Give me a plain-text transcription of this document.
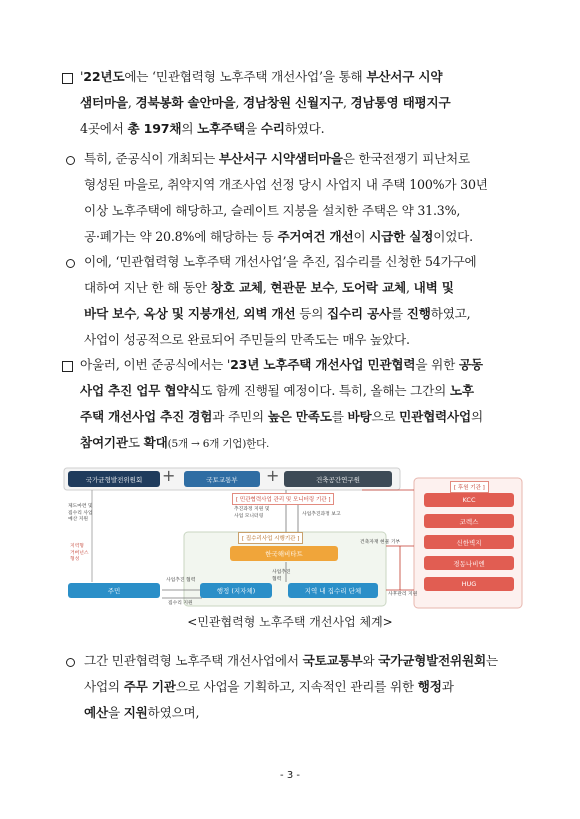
'22년도에는 ‘민관협력형 노후주택 개선사업’을 통해 부산서구 시약
샘터마을, 경북봉화 솔안마을, 경남창원 신월지구, 경남통영 태평지구
4곳에서 총 197채의 노후주택을 수리하였다.
특히, 준공식이 개최되는 부산서구 시약샘터마을은 한국전쟁기 피난처로
형성된 마을로, 취약지역 개조사업 선정 당시 사업지 내 주택 100%가 30년
이상 노후주택에 해당하고, 슬레이트 지붕을 설치한 주택은 약 31.3%,
공·폐가는 약 20.8%에 해당하는 등 주거여건 개선이 시급한 실정이었다.
이에, ‘민관협력형 노후주택 개선사업’을 추진, 집수리를 신청한 54가구에
대하여 지난 한 해 동안 창호 교체, 현관문 보수, 도어락 교체, 내벽 및
바닥 보수, 옥상 및 지붕개선, 외벽 개선 등의 집수리 공사를 진행하였고,
사업이 성공적으로 완료되어 주민들의 만족도는 매우 높았다.
아울러, 이번 준공식에서는 '23년 노후주택 개선사업 민관협력을 위한 공동
사업 추진 업무 협약식도 함께 진행될 예정이다. 특히, 올해는 그간의 노후
주택 개선사업 추진 경험과 주민의 높은 만족도를 바탕으로 민관협력사업의
참여기관도 확대(5개 → 6개 기업)한다.
국가균형발전위원회	+	국토교통부	+	건축공간연구원
[ 민관협력사업 관리 및 모니터링 기관 ]
[ 집수리사업 시행기관 ]
[ 후원 기관 ]
제도마련 및
집수리 사업
예산 지원
지역형
거버넌스
형성
추진과정 지원 및
사업 모니터링	사업추진과정 보고
건축자재 현물 기부
사업추진 협력
집수리 지원
사업추진
협력
사후관리 지원
한국해비타트
주민	행정 (지자체)	지역 내 집수리 단체
KCC
코렉스
신한벽지
경동나비엔
HUG
<민관협력형 노후주택 개선사업 체계>
그간 민관협력형 노후주택 개선사업에서 국토교통부와 국가균형발전위원회는
사업의 주무 기관으로 사업을 기획하고, 지속적인 관리를 위한 행정과
예산을 지원하였으며,
- 3 -
